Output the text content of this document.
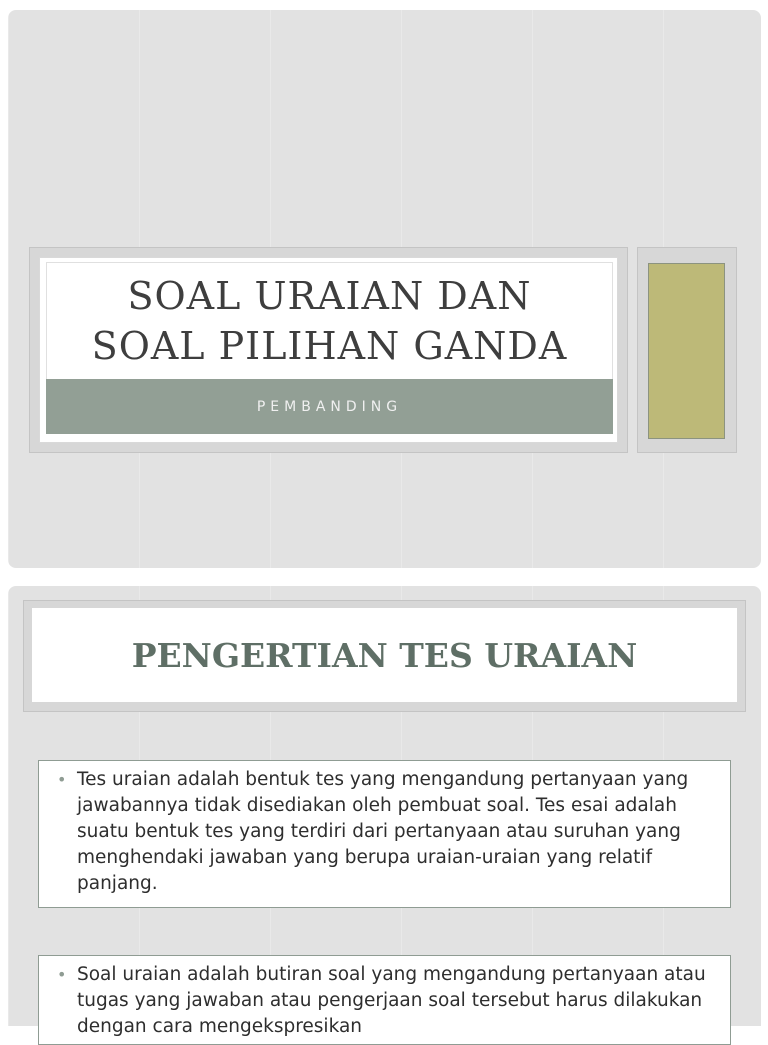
SOAL URAIAN DAN
SOAL PILIHAN GANDA
PEMBANDING
PENGERTIAN TES URAIAN
• Tes uraian adalah bentuk tes yang mengandung pertanyaan yang jawabannya tidak disediakan oleh pembuat soal. Tes esai adalah suatu bentuk tes yang terdiri dari pertanyaan atau suruhan yang menghendaki jawaban yang berupa uraian-uraian yang relatif panjang.
• Soal uraian adalah butiran soal yang mengandung pertanyaan atau tugas yang jawaban atau pengerjaan soal tersebut harus dilakukan dengan cara mengekspresikan
